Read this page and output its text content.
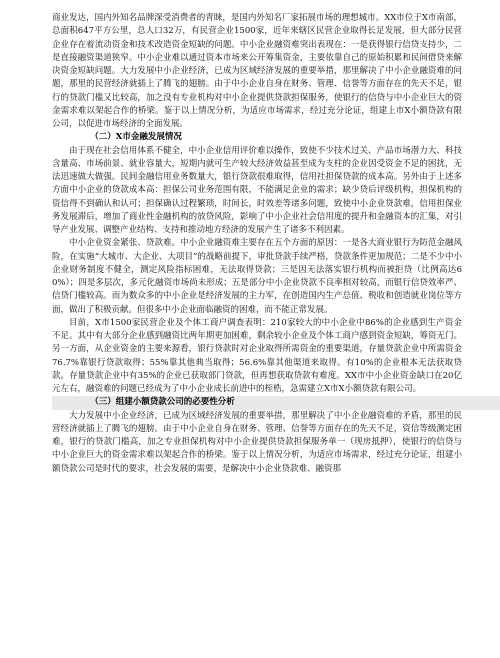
商业发达，国内外知名品牌深受消费者的青睐，是国内外知名厂家拓展市场的理想城市。XX市位于X市南部，总面积647平方公里，总人口32万，有民营企业1500家，近年来辖区民营企业取得长足发展，但大部分民营企业存在着流动资金和技术改造资金短缺的问题。中小企业融资难突出表现在：一是获得银行信贷支持少，二是直接融资渠道狭窄。中小企业难以通过资本市场来公开筹集资金，主要依靠自己的原始积累和民间借贷来解决资金短缺问题。大力发展中小企业经济，已成为区域经济发展的重要举措，那里解决了中小企业融资难的问题，那里的民营经济就插上了腾飞的翅膀。由于中小企业自身在财务、管理、信誉等方面存在的先天不足，银行的贷款门槛又比较高，加之没有专业机构对中小企业提供贷款担保服务，使银行的信贷与中小企业巨大的资金需求难以架起合作的桥梁。鉴于以上情况分析，为适应市场需求，经过充分论证，组建上市X小额贷款有限公司，以促进市场经济的全面发展。

（二）X市金融发展情况

由于现在社会信用体系不健全，中小企业信用评价难以操作，致使不少技术过关、产品市场潜力大、科技含量高、市场前景、就业容量大，短期内就可生产较大经济效益甚至成为支柱的企业因受资金不足的困扰，无法迅速做大做强。民间金融信用业务数量大，银行贷款很难取得，信用社担保贷款的成本高。另外由于上述多方面中小企业的贷款成本高：担保公司业务范围有限，不能满足企业的需求；缺少贷后评级机构，担保机构的资信得不到确认和认可；担保确认过程繁琐，时间长，时效差等诸多问题，致使中小企业贷款难，信用担保业务发展滞后，增加了商业性金融机构的放贷风险，影响了中小企业社会信用度的提升和金融资本的汇集，对引导产业发展、调整产业结构、支持和推动地方经济的发展产生了诸多不利因素。

中小企业资金紧张、贷款难。中小企业融资难主要存在五个方面的原因：一是各大商业银行为防范金融风险，在实施“大城市、大企业、大项目”的战略前提下，审批贷款手续严格，贷款条件更加规范；二是不少中小企业财务制度不健全，测定风险指标困难，无法取得贷款；三是因无法落实银行机构而被拒贷（比例高达60%）；四是多层次，多元化融资市场尚未形成；五是部分中小企业贷款不良率相对较高，而银行信贷效率严、信贷门槛较高。而为数众多的中小企业是经济发展的主力军，在创造国内生产总值、税收和创造就业岗位等方面，做出了积极贡献。但很多中小企业面临融资的困难，而不能正常发展。

目前，X市1500家民营企业及个体工商户调查表明：210家较大的中小企业中86%的企业感到生产资金不足。其中有大部分企业感到融资比两年期更加困难，剩余较小企业及个体工商户感到资金短缺，筹资无门。另一方面，从企业资金的主要来源看，银行贷款时对企业取得所需资金的重要渠道，存量贷款企业中所需资金76.7%靠银行贷款取得；55%靠其他典当取得；56.6%靠其他渠道来取得。有10%的企业根本无法获取贷款。存量贷款企业中有35%的企业已获取部门贷款，但再想获取贷款有难度。XX市中小企业资金缺口在20亿元左右，融资难的问题已经成为了中小企业成长前进中的桎梏，急需建立X市X小额贷款有限公司。

（三）组建小额贷款公司的必要性分析

大力发展中小企业经济，已成为区域经济发展的重要举措，那里解决了中小企业融资难的矛盾，那里的民营经济就插上了腾飞的翅膀。由于中小企业自身在财务、管理、信誉等方面存在的先天不足，资信等级测定困难，银行的贷款门槛高，加之专业担保机构对中小企业提供贷款担保服务单一（现房抵押），使银行的信贷与中小企业巨大的资金需求难以架起合作的桥梁。鉴于以上情况分析，为适应市场需求，经过充分论证，组建小额贷款公司是时代的要求，社会发展的需要，是解决中小企业贷款难、融资那
